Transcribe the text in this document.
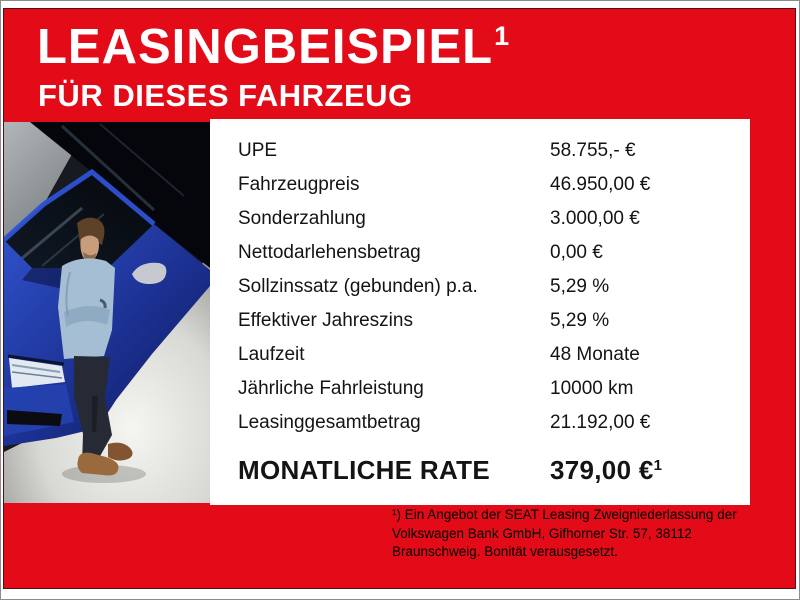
LEASINGBEISPIEL$^1$
FÜR DIESES FAHRZEUG
UPE	58.755,- €
Fahrzeugpreis	46.950,00 €
Sonderzahlung	3.000,00 €
Nettodarlehensbetrag	0,00 €
Sollzinssatz (gebunden) p.a.	5,29 %
Effektiver Jahreszins	5,29 %
Laufzeit	48 Monate
Jährliche Fahrleistung	10000 km
Leasinggesamtbetrag	21.192,00 €
MONATLICHE RATE	379,00 €$^1$
¹) Ein Angebot der SEAT Leasing Zweigniederlassung der
Volkswagen Bank GmbH, Gifhorner Str. 57, 38112
Braunschweig. Bonität verausgesetzt.
